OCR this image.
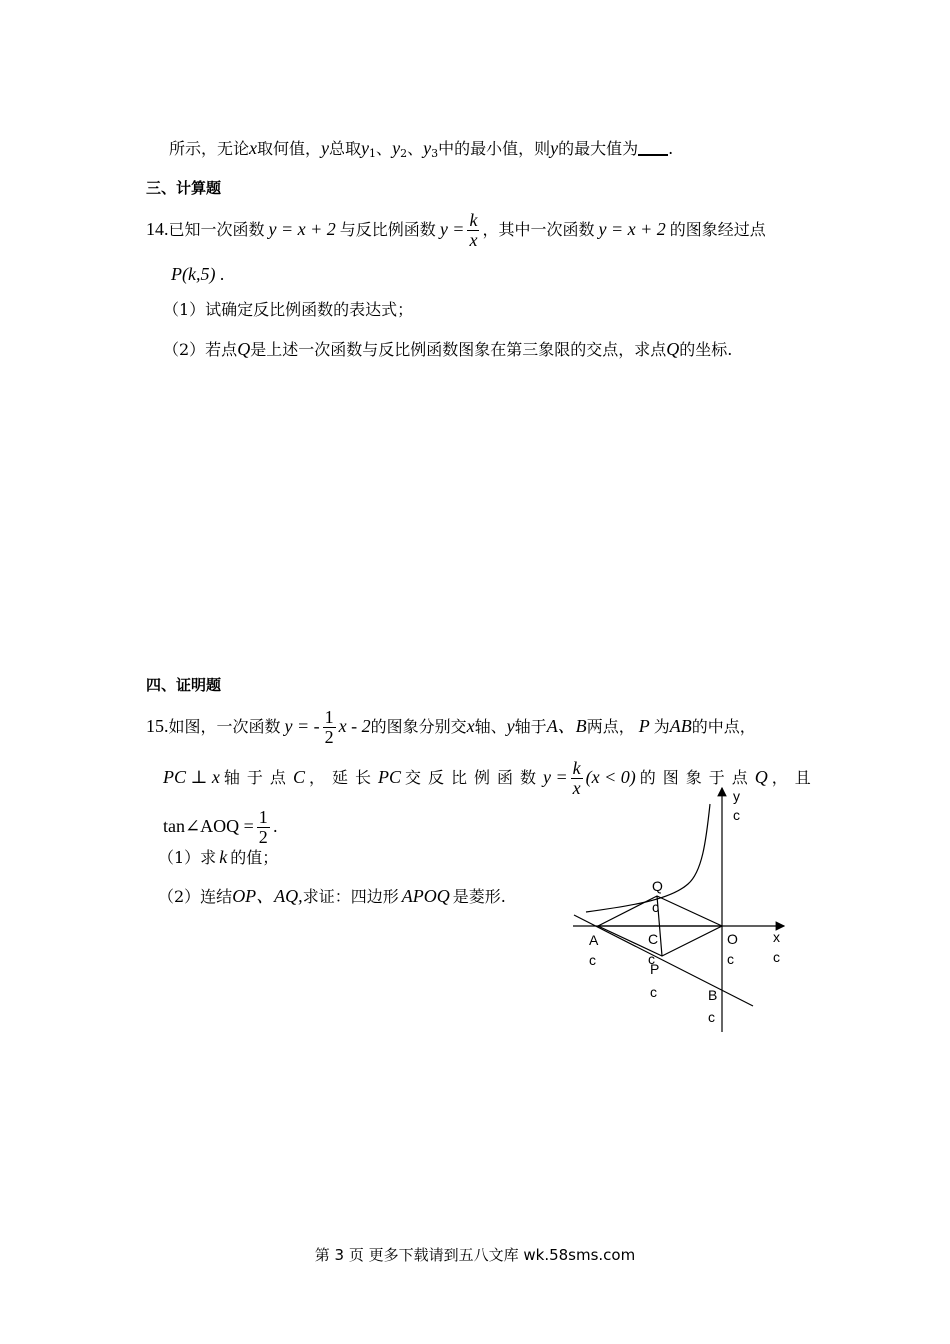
所示，无论x取何值，y总取$y_1$、$y_2$、$y_3$中的最小值，则y的最大值为 .
三、计算题
14.已知一次函数 y = x + 2 与反比例函数 $y = \frac{k}{x}$ ，其中一次函数 y = x + 2 的图象经过点
P(k,5) .
（1）试确定反比例函数的表达式；
（2）若点Q是上述一次函数与反比例函数图象在第三象限的交点，求点Q的坐标.
四、证明题
15.如图，一次函数 y = - $\frac{1}{2}$ x - 2的图象分别交x轴、y轴于A、B两点， P 为AB的中点，
PC ⊥ x 轴于点C ，延长PC 交反比例函数$y = \frac{k}{x} (x < 0)$ 的图象于点Q ，且
tan∠AOQ = $\frac{1}{2}$ .
（1）求 k 的值；
（2）连结OP、AQ,求证：四边形 APOQ 是菱形.
y
c
Q
c
A
c
C
c
O
c
x
c
P
c	B
c
第 3 页 更多下载请到五八文库 wk.58sms.com
